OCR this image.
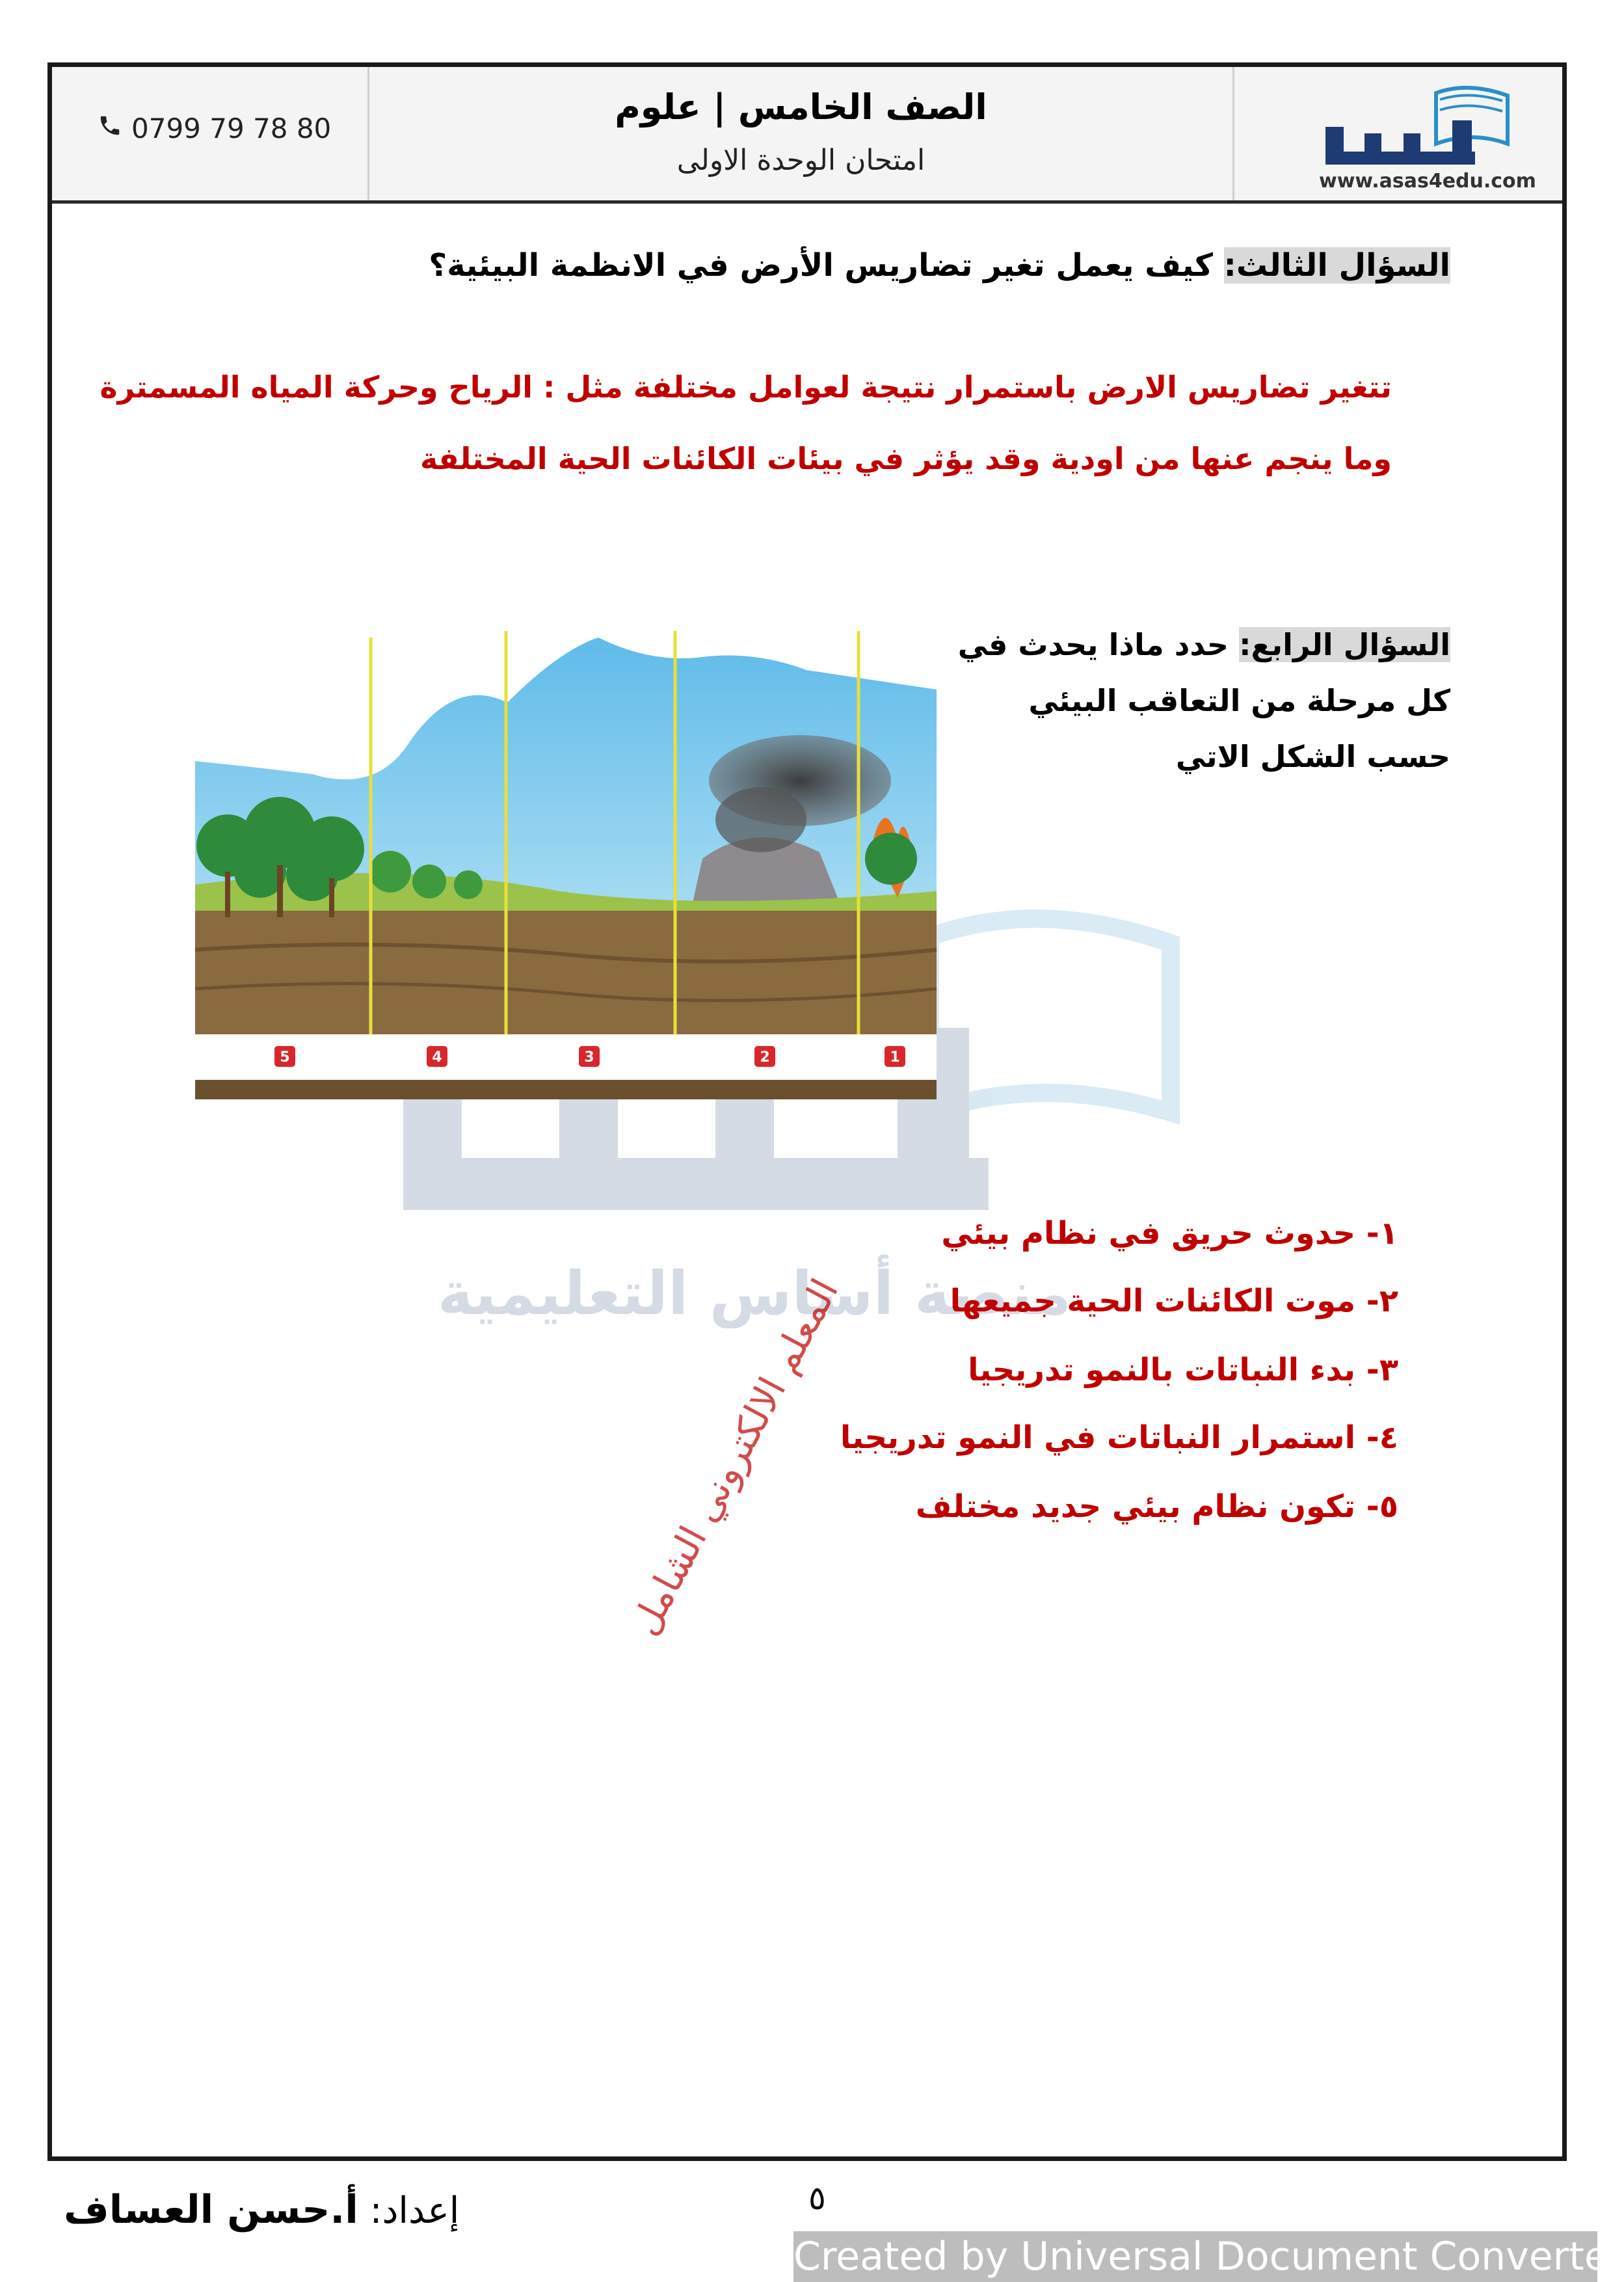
0799 79 78 80
الصف الخامس | علوم
امتحان الوحدة الاولى
www.asas4edu.com
منصة أساس التعليمية
المعلم الالكتروني الشامل
السؤال الثالث: كيف يعمل تغير تضاريس الأرض في الانظمة البيئية؟
تتغير تضاريس الارض باستمرار نتيجة لعوامل مختلفة مثل : الرياح وحركة المياه المسمترة
وما ينجم عنها من اودية وقد يؤثر في بيئات الكائنات الحية المختلفة
السؤال الرابع: حدد ماذا يحدث في كل مرحلة من التعاقب البيئي حسب الشكل الاتي
5	4	3	2	1
١- حدوث حريق في نظام بيئي
٢- موت الكائنات الحية جميعها
٣- بدء النباتات بالنمو تدريجيا
٤- استمرار النباتات في النمو تدريجيا
٥- تكون نظام بيئي جديد مختلف
إعداد: أ.حسن العساف	٥
Created by Universal Document Converter
